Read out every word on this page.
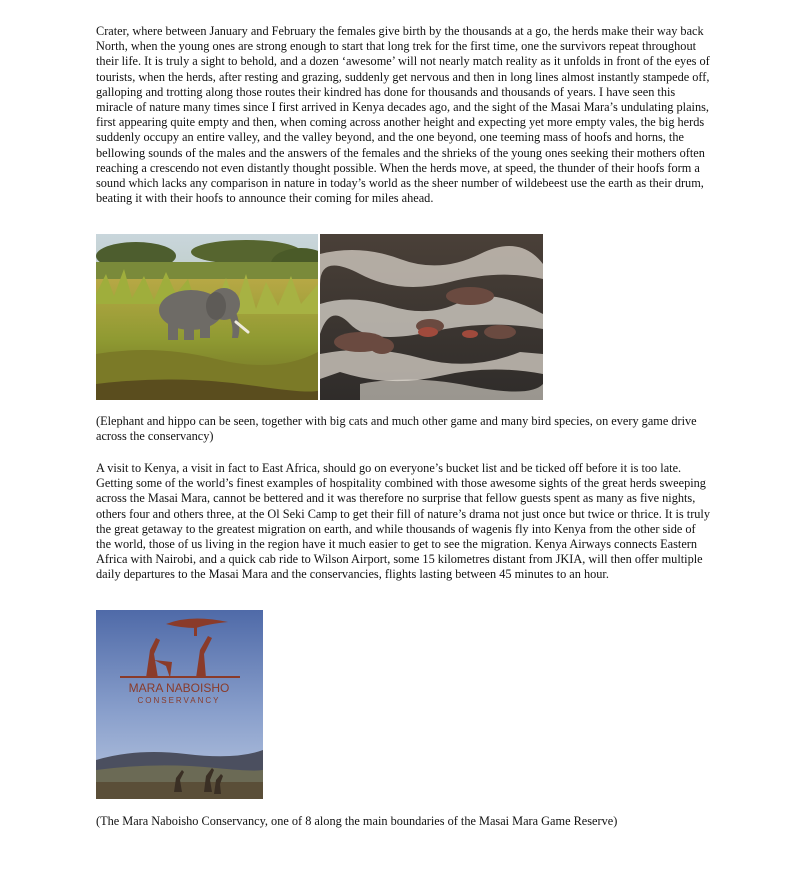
Crater, where between January and February the females give birth by the thousands at a go, the herds make their way back North, when the young ones are strong enough to start that long trek for the first time, one the survivors repeat throughout their life. It is truly a sight to behold, and a dozen ‘awesome’ will not nearly match reality as it unfolds in front of the eyes of tourists, when the herds, after resting and grazing, suddenly get nervous and then in long lines almost instantly stampede off, galloping and trotting along those routes their kindred has done for thousands and thousands of years. I have seen this miracle of nature many times since I first arrived in Kenya decades ago, and the sight of the Masai Mara’s undulating plains, first appearing quite empty and then, when coming across another height and expecting yet more empty vales, the big herds suddenly occupy an entire valley, and the valley beyond, and the one beyond, one teeming mass of hoofs and horns, the bellowing sounds of the males and the answers of the females and the shrieks of the young ones seeking their mothers often reaching a crescendo not even distantly thought possible. When the herds move, at speed, the thunder of their hoofs form a sound which lacks any comparison in nature in today’s world as the sheer number of wildebeest use the earth as their drum, beating it with their hoofs to announce their coming for miles ahead.

(Elephant and hippo can be seen, together with big cats and much other game and many bird species, on every game drive across the conservancy)

A visit to Kenya, a visit in fact to East Africa, should go on everyone’s bucket list and be ticked off before it is too late. Getting some of the world’s finest examples of hospitality combined with those awesome sights of the great herds sweeping across the Masai Mara, cannot be bettered and it was therefore no surprise that fellow guests spent as many as five nights, others four and others three, at the Ol Seki Camp to get their fill of nature’s drama not just once but twice or thrice. It is truly the great getaway to the greatest migration on earth, and while thousands of wagenis fly into Kenya from the other side of the world, those of us living in the region have it much easier to get to see the migration. Kenya Airways connects Eastern Africa with Nairobi, and a quick cab ride to Wilson Airport, some 15 kilometres distant from JKIA, will then offer multiple daily departures to the Masai Mara and the conservancies, flights lasting between 45 minutes to an hour.

MARA NABOISHO
CONSERVANCY

(The Mara Naboisho Conservancy, one of 8 along the main boundaries of the Masai Mara Game Reserve)
